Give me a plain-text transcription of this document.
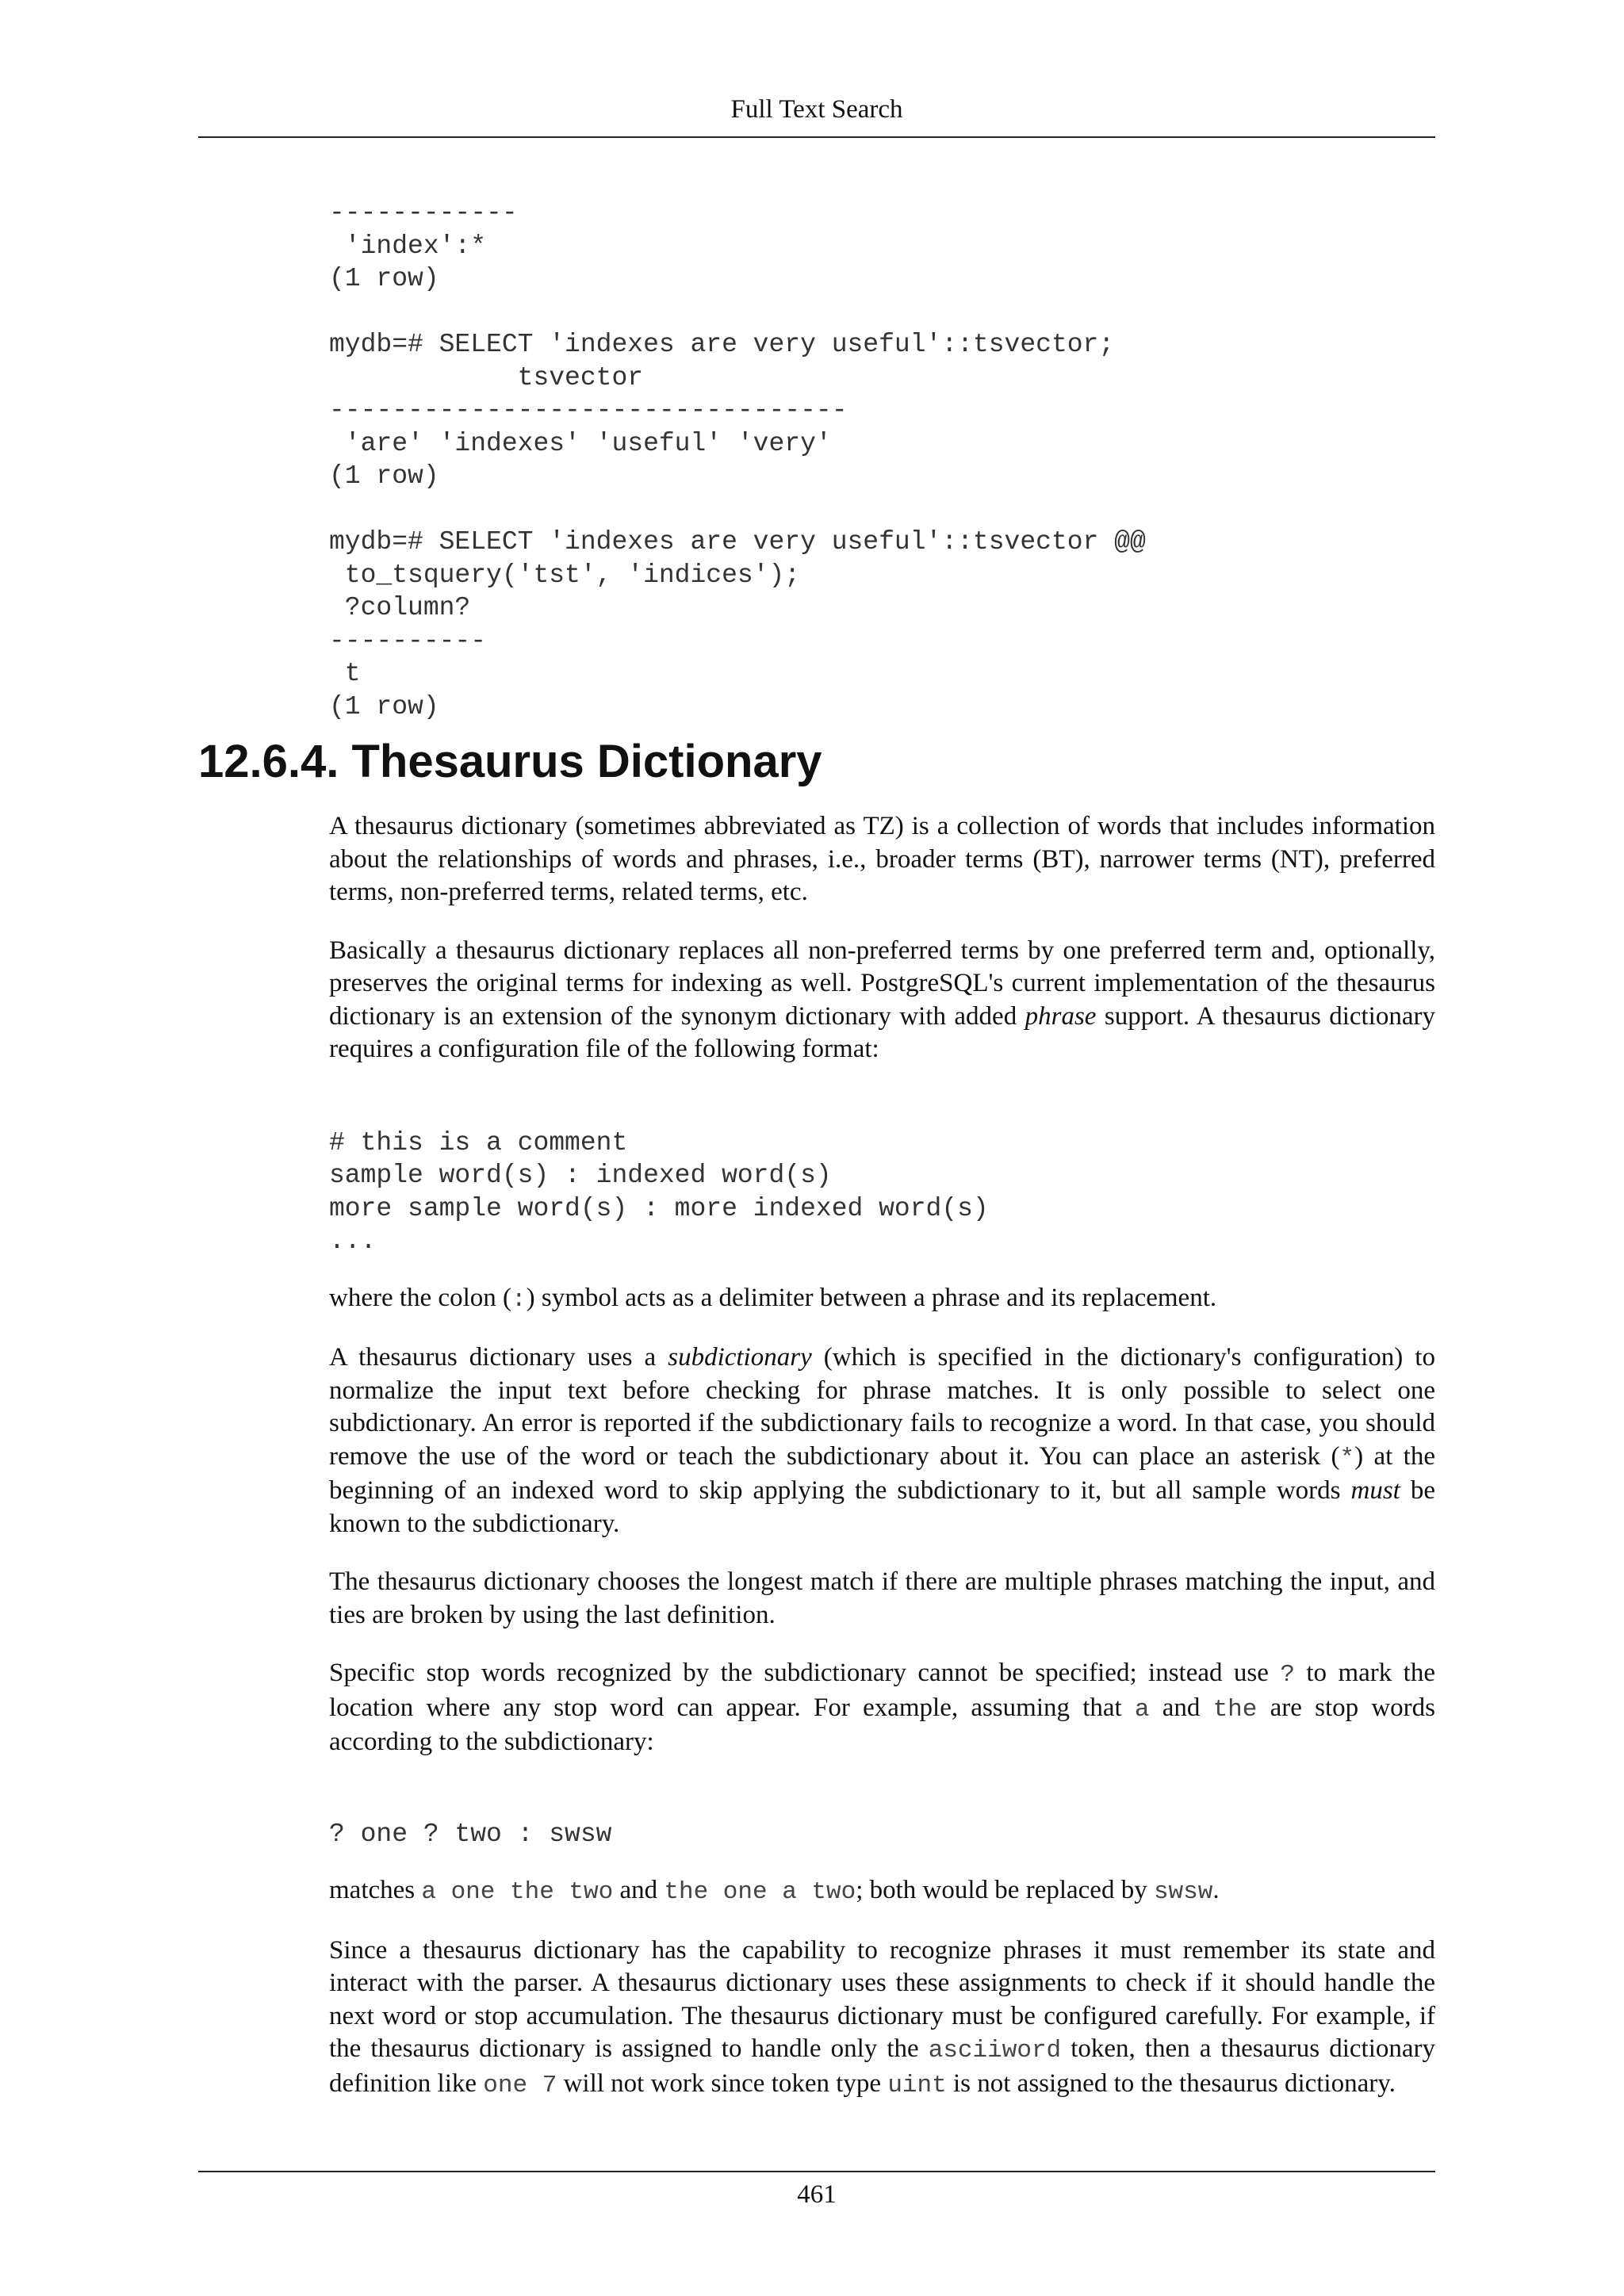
Full Text Search
------------
'index':*
(1 row)

mydb=# SELECT 'indexes are very useful'::tsvector;
tsvector
---------------------------------
'are' 'indexes' 'useful' 'very'
(1 row)

mydb=# SELECT 'indexes are very useful'::tsvector @@
to_tsquery('tst', 'indices');
?column?
----------
t
(1 row)
12.6.4. Thesaurus Dictionary

A thesaurus dictionary (sometimes abbreviated as TZ) is a collection of words that includes information about the relationships of words and phrases, i.e., broader terms (BT), narrower terms (NT), preferred terms, non-preferred terms, related terms, etc.

Basically a thesaurus dictionary replaces all non-preferred terms by one preferred term and, optionally, preserves the original terms for indexing as well. PostgreSQL's current implementation of the thesaurus dictionary is an extension of the synonym dictionary with added phrase support. A thesaurus dictionary requires a configuration file of the following format:

# this is a comment
sample word(s) : indexed word(s)
more sample word(s) : more indexed word(s)
...

where the colon (:) symbol acts as a delimiter between a phrase and its replacement.

A thesaurus dictionary uses a subdictionary (which is specified in the dictionary's configuration) to normalize the input text before checking for phrase matches. It is only possible to select one subdictionary. An error is reported if the subdictionary fails to recognize a word. In that case, you should remove the use of the word or teach the subdictionary about it. You can place an asterisk (*) at the beginning of an indexed word to skip applying the subdictionary to it, but all sample words must be known to the subdictionary.

The thesaurus dictionary chooses the longest match if there are multiple phrases matching the input, and ties are broken by using the last definition.

Specific stop words recognized by the subdictionary cannot be specified; instead use ? to mark the location where any stop word can appear. For example, assuming that a and the are stop words according to the subdictionary:

? one ? two : swsw

matches a one the two and the one a two; both would be replaced by swsw.

Since a thesaurus dictionary has the capability to recognize phrases it must remember its state and interact with the parser. A thesaurus dictionary uses these assignments to check if it should handle the next word or stop accumulation. The thesaurus dictionary must be configured carefully. For example, if the thesaurus dictionary is assigned to handle only the asciiword token, then a thesaurus dictionary definition like one 7 will not work since token type uint is not assigned to the thesaurus dictionary.

461
